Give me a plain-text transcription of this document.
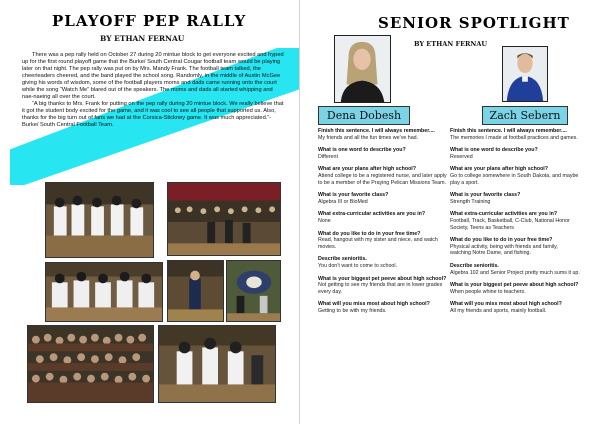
PLAYOFF PEP RALLY
BY ETHAN FERNAU

There was a pep rally held on October 27 during 20 mintue block to get everyone excited and hyped up for the first round playoff game that the Burke/ South Central Cougar football team would be playing later on that night. The pep rally was put on by Mrs. Mandy Frank. The football team talked, the cheerleaders cheered, and the band played the school song. Randomly, in the middle of Austin McGee giving his words of wisdom, some of the football players moms and dads came running onto the court while the song “Watch Me” blared out of the speakers. The moms and dads all started whipping and nae-naeing all over the court.

“A big thanks to Mrs. Frank for putting on the pep rally during 20 mintue block. We really believe that it got the student body excited for the game, and it was cool to see all people that supported us. Also, thanks for the big turn out of fans we had at the Corsica-Stickney game. It was much appreciated.”-Burke/ South Central Football Team.

SENIOR SPOTLIGHT
BY ETHAN FERNAU
Dena Dobesh	Zach Sebern
Finish this sentence. I will always remember....
My friends and all the fun times we’ve had.
What is one word to describe you?
Different
What are your plans after high school?
Attend college to be a registered nurse, and later apply to be a member of the Praying Pelican Missions Team.
What is your favorite class?
Algebra III or BioMed
What extra-curricular activities are you in?
None
What do you like to do in your free time?
Read, hangout with my sister and niece, and watch movies.
Describe senioritis.
You don’t want to come to school.
What is your biggest pet peeve about high school?
Not getting to see my friends that are in lower grades every day.
What will you miss most about high school?
Getting to be with my friends.
Finish this sentence. I will always remember....
The memories I made at football practices and games.
What is one word to describe you?
Reserved
What are your plans after high school?
Go to college somewhere in South Dakota, and maybe play a sport.
What is your favorite class?
Strength Training
What extra-curricular activities are you in?
Football, Track, Basketball, C-Club, National Honor Society, Teens as Teachers
What do you like to do in your free time?
Physical activity, being with friends and family, watching Notre Dame, and fishing.
Describe senioritis.
Algebra 102 and Senior Project pretty much sums it up.
What is your biggest pet peeve about high school?
When people whine to teachers.
What will you miss most about high school?
All my friends and sports, mainly football.
